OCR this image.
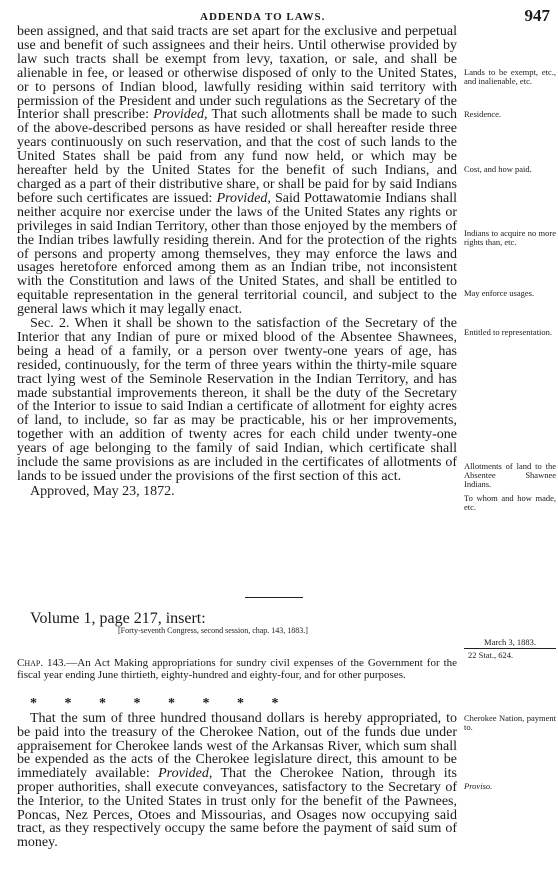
ADDENDA TO LAWS.	947

been assigned, and that said tracts are set apart for the exclusive and perpetual use and benefit of such assignees and their heirs. Until otherwise provided by law such tracts shall be exempt from levy, taxation, or sale, and shall be alienable in fee, or leased or otherwise disposed of only to the United States, or to persons of Indian blood, lawfully residing within said territory with permission of the President and under such regulations as the Secretary of the Interior shall prescribe: Provided, That such allotments shall be made to such of the above-described persons as have resided or shall hereafter reside three years continuously on such reservation, and that the cost of such lands to the United States shall be paid from any fund now held, or which may be hereafter held by the United States for the benefit of such Indians, and charged as a part of their distributive share, or shall be paid for by said Indians before such certificates are issued: Provided, Said Pottawatomie Indians shall neither acquire nor exercise under the laws of the United States any rights or privileges in said Indian Territory, other than those enjoyed by the members of the Indian tribes lawfully residing therein. And for the protection of the rights of persons and property among themselves, they may enforce the laws and usages heretofore enforced among them as an Indian tribe, not inconsistent with the Constitution and laws of the United States, and shall be entitled to equitable representation in the general territorial council, and subject to the general laws which it may legally enact.

Sec. 2. When it shall be shown to the satisfaction of the Secretary of the Interior that any Indian of pure or mixed blood of the Absentee Shawnees, being a head of a family, or a person over twenty-one years of age, has resided, continuously, for the term of three years within the thirty-mile square tract lying west of the Seminole Reservation in the Indian Territory, and has made substantial improvements thereon, it shall be the duty of the Secretary of the Interior to issue to said Indian a certificate of allotment for eighty acres of land, to include, so far as may be practicable, his or her improvements, together with an addition of twenty acres for each child under twenty-one years of age belonging to the family of said Indian, which certificate shall include the same provisions as are included in the certificates of allotments of lands to be issued under the provisions of the first section of this act.

Approved, May 23, 1872.

Lands to be exempt, etc., and inalienable, etc.
Residence.
Cost, and how paid.
Indians to acquire no more rights than, etc.
May enforce usages.
Entitled to representation.
Allotments of land to the Absentee Shawnee Indians.
To whom and how made, etc.
Volume 1, page 217, insert:
[Forty-seventh Congress, second session, chap. 143, 1883.]
March 3, 1883.
22 Stat., 624.
Chap. 143.—An Act Making appropriations for sundry civil expenses of the Government for the fiscal year ending June thirtieth, eighty-hundred and eighty-four, and for other purposes.
* * * * * * * *

That the sum of three hundred thousand dollars is hereby appropriated, to be paid into the treasury of the Cherokee Nation, out of the funds due under appraisement for Cherokee lands west of the Arkansas River, which sum shall be expended as the acts of the Cherokee legislature direct, this amount to be immediately available: Provided, That the Cherokee Nation, through its proper authorities, shall execute conveyances, satisfactory to the Secretary of the Interior, to the United States in trust only for the benefit of the Pawnees, Poncas, Nez Perces, Otoes and Missourias, and Osages now occupying said tract, as they respectively occupy the same before the payment of said sum of money.

Cherokee Nation, payment to.
Proviso.
